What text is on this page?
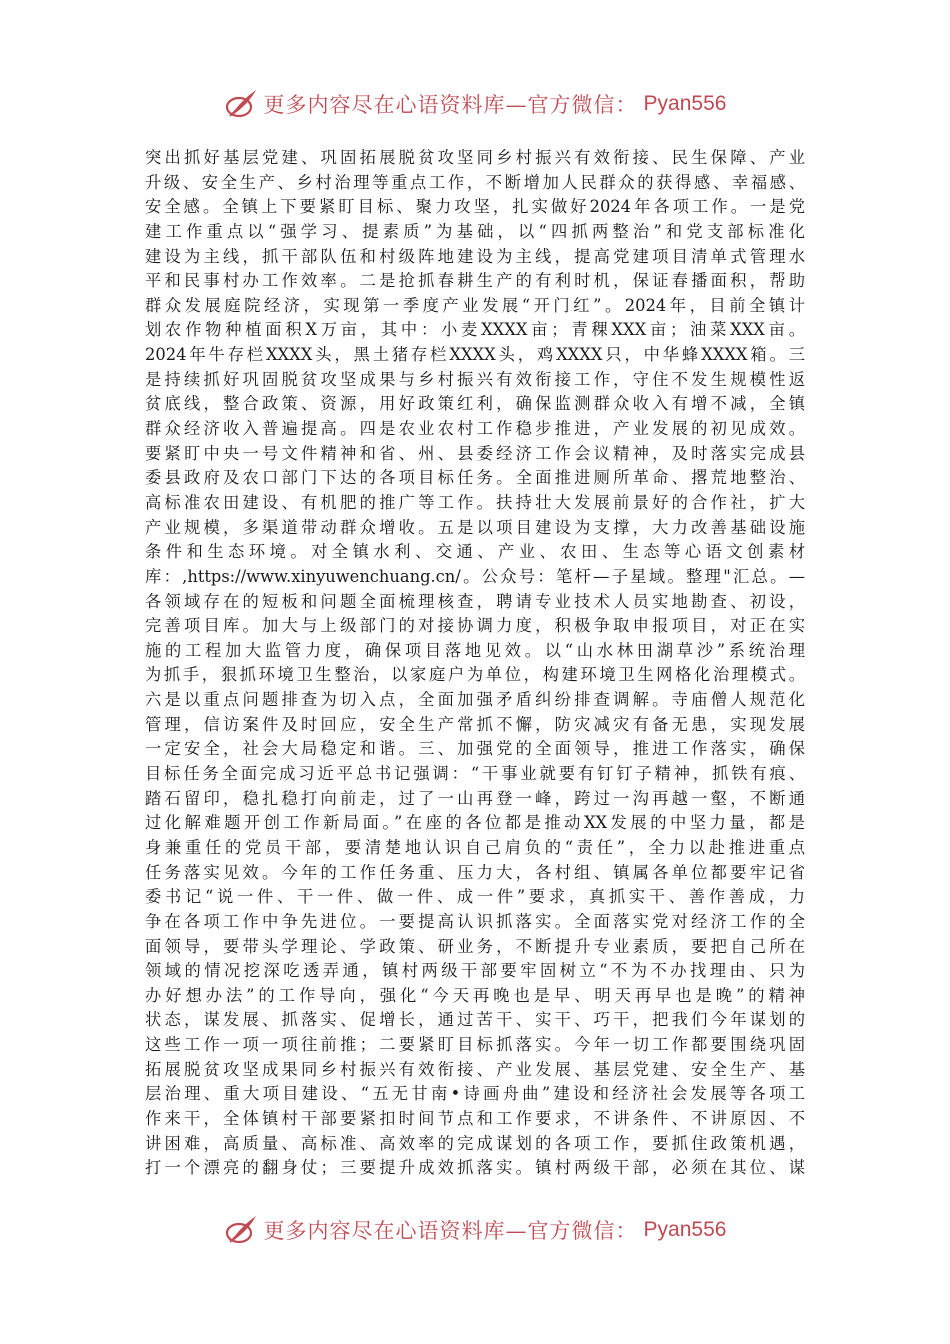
更多内容尽在心语资料库—官方微信： Pyan556
突出抓好基层党建、巩固拓展脱贫攻坚同乡村振兴有效衔接、民生保障、产业
升级、安全生产、乡村治理等重点工作，不断增加人民群众的获得感、幸福感、
安全感。全镇上下要紧盯目标、聚力攻坚，扎实做好2024年各项工作。一是党
建工作重点以“强学习、提素质”为基础，以“四抓两整治”和党支部标准化
建设为主线，抓干部队伍和村级阵地建设为主线，提高党建项目清单式管理水
平和民事村办工作效率。二是抢抓春耕生产的有利时机，保证春播面积，帮助
群众发展庭院经济，实现第一季度产业发展“开门红”。2024年，目前全镇计
划农作物种植面积X万亩，其中：小麦XXXX亩；青稞XXX亩；油菜XXX亩。
2024年牛存栏XXXX头，黑土猪存栏XXXX头，鸡XXXX只，中华蜂XXXX箱。三
是持续抓好巩固脱贫攻坚成果与乡村振兴有效衔接工作，守住不发生规模性返
贫底线，整合政策、资源，用好政策红利，确保监测群众收入有增不减，全镇
群众经济收入普遍提高。四是农业农村工作稳步推进，产业发展的初见成效。
要紧盯中央一号文件精神和省、州、县委经济工作会议精神，及时落实完成县
委县政府及农口部门下达的各项目标任务。全面推进厕所革命、撂荒地整治、
高标准农田建设、有机肥的推广等工作。扶持壮大发展前景好的合作社，扩大
产业规模，多渠道带动群众增收。五是以项目建设为支撑，大力改善基础设施
条件和生态环境。对全镇水利、交通、产业、农田、生态等心语文创素材
库：,https://www.xinyuwenchuang.cn/。公众号：笔杆—子星域。整理"汇总。—
各领域存在的短板和问题全面梳理核查，聘请专业技术人员实地勘查、初设，
完善项目库。加大与上级部门的对接协调力度，积极争取申报项目，对正在实
施的工程加大监管力度，确保项目落地见效。以“山水林田湖草沙”系统治理
为抓手，狠抓环境卫生整治，以家庭户为单位，构建环境卫生网格化治理模式。
六是以重点问题排查为切入点，全面加强矛盾纠纷排查调解。寺庙僧人规范化
管理，信访案件及时回应，安全生产常抓不懈，防灾减灾有备无患，实现发展
一定安全，社会大局稳定和谐。三、加强党的全面领导，推进工作落实，确保
目标任务全面完成习近平总书记强调：“干事业就要有钉钉子精神，抓铁有痕、
踏石留印，稳扎稳打向前走，过了一山再登一峰，跨过一沟再越一壑，不断通
过化解难题开创工作新局面。”在座的各位都是推动XX发展的中坚力量，都是
身兼重任的党员干部，要清楚地认识自己肩负的“责任”，全力以赴推进重点
任务落实见效。今年的工作任务重、压力大，各村组、镇属各单位都要牢记省
委书记“说一件、干一件、做一件、成一件”要求，真抓实干、善作善成，力
争在各项工作中争先进位。一要提高认识抓落实。全面落实党对经济工作的全
面领导，要带头学理论、学政策、研业务，不断提升专业素质，要把自己所在
领域的情况挖深吃透弄通，镇村两级干部要牢固树立“不为不办找理由、只为
办好想办法”的工作导向，强化“今天再晚也是早、明天再早也是晚”的精神
状态，谋发展、抓落实、促增长，通过苦干、实干、巧干，把我们今年谋划的
这些工作一项一项往前推；二要紧盯目标抓落实。今年一切工作都要围绕巩固
拓展脱贫攻坚成果同乡村振兴有效衔接、产业发展、基层党建、安全生产、基
层治理、重大项目建设、“五无甘南•诗画舟曲”建设和经济社会发展等各项工
作来干，全体镇村干部要紧扣时间节点和工作要求，不讲条件、不讲原因、不
讲困难，高质量、高标准、高效率的完成谋划的各项工作，要抓住政策机遇，
打一个漂亮的翻身仗；三要提升成效抓落实。镇村两级干部，必须在其位、谋
更多内容尽在心语资料库—官方微信： Pyan556
